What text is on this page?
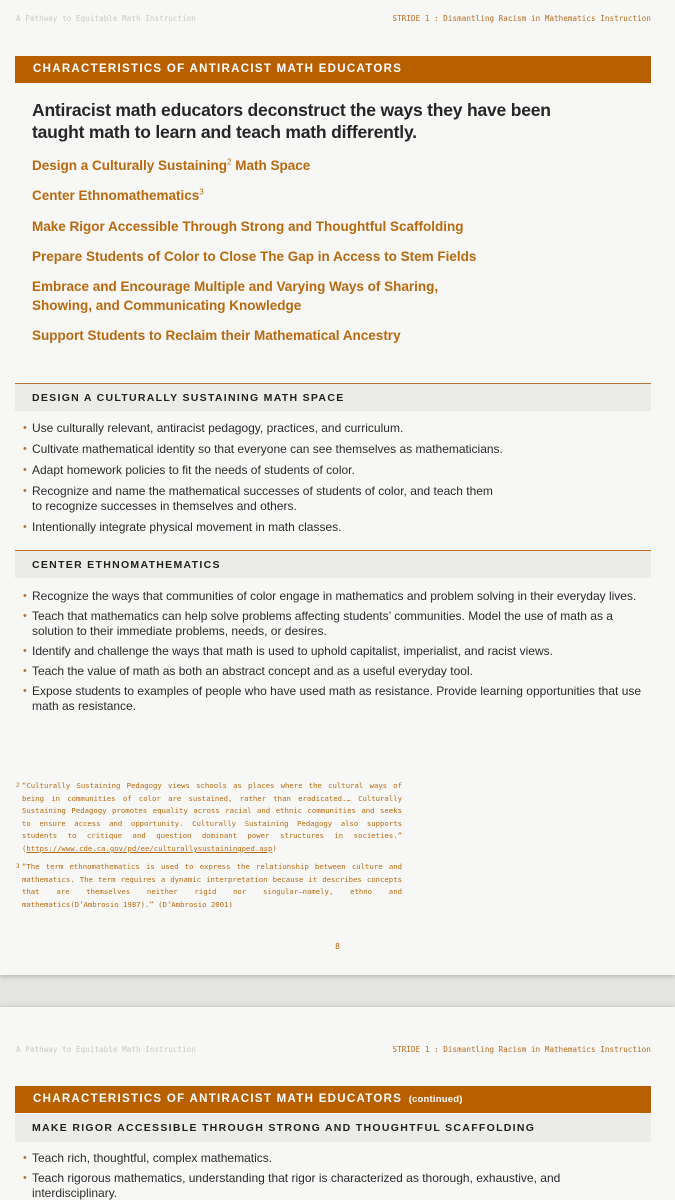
A Pathway to Equitable Math Instruction	STRIDE 1 : Dismantling Racism in Mathematics Instruction
CHARACTERISTICS OF ANTIRACIST MATH EDUCATORS
Antiracist math educators deconstruct the ways they have been
taught math to learn and teach math differently.
Design a Culturally Sustaining$^2$ Math Space
Center Ethnomathematics$^3$
Make Rigor Accessible Through Strong and Thoughtful Scaffolding
Prepare Students of Color to Close The Gap in Access to Stem Fields
Embrace and Encourage Multiple and Varying Ways of Sharing,
Showing, and Communicating Knowledge
Support Students to Reclaim their Mathematical Ancestry
DESIGN A CULTURALLY SUSTAINING MATH SPACE
• Use culturally relevant, antiracist pedagogy, practices, and curriculum.
• Cultivate mathematical identity so that everyone can see themselves as mathematicians.
• Adapt homework policies to fit the needs of students of color.
• Recognize and name the mathematical successes of students of color, and teach them
to recognize successes in themselves and others.
• Intentionally integrate physical movement in math classes.
CENTER ETHNOMATHEMATICS
• Recognize the ways that communities of color engage in mathematics and problem solving in their everyday lives.
• Teach that mathematics can help solve problems affecting students’ communities. Model the use of math as a
solution to their immediate problems, needs, or desires.
• Identify and challenge the ways that math is used to uphold capitalist, imperialist, and racist views.
• Teach the value of math as both an abstract concept and as a useful everyday tool.
• Expose students to examples of people who have used math as resistance. Provide learning opportunities that use
math as resistance.
2 “Culturally Sustaining Pedagogy views schools as places where the cultural ways of being in communities of color are sustained, rather than eradicated.… Culturally Sustaining Pedagogy promotes equality across racial and ethnic communities and seeks to ensure access and opportunity. Culturally Sustaining Pedagogy also supports students to critique and question dominant power structures in societies.” (https://www.cde.ca.gov/pd/ee/culturallysustainingped.asp)
3 “The term ethnomathematics is used to express the relationship between culture and mathematics. The term requires a dynamic interpretation because it describes concepts that are themselves neither rigid nor singular—namely, ethno and mathematics(D’Ambrosio 1987).” (D’Ambrosio 2001)
8
A Pathway to Equitable Math Instruction	STRIDE 1 : Dismantling Racism in Mathematics Instruction
CHARACTERISTICS OF ANTIRACIST MATH EDUCATORS (continued)
MAKE RIGOR ACCESSIBLE THROUGH STRONG AND THOUGHTFUL SCAFFOLDING
• Teach rich, thoughtful, complex mathematics.
• Teach rigorous mathematics, understanding that rigor is characterized as thorough, exhaustive, and
interdisciplinary.
